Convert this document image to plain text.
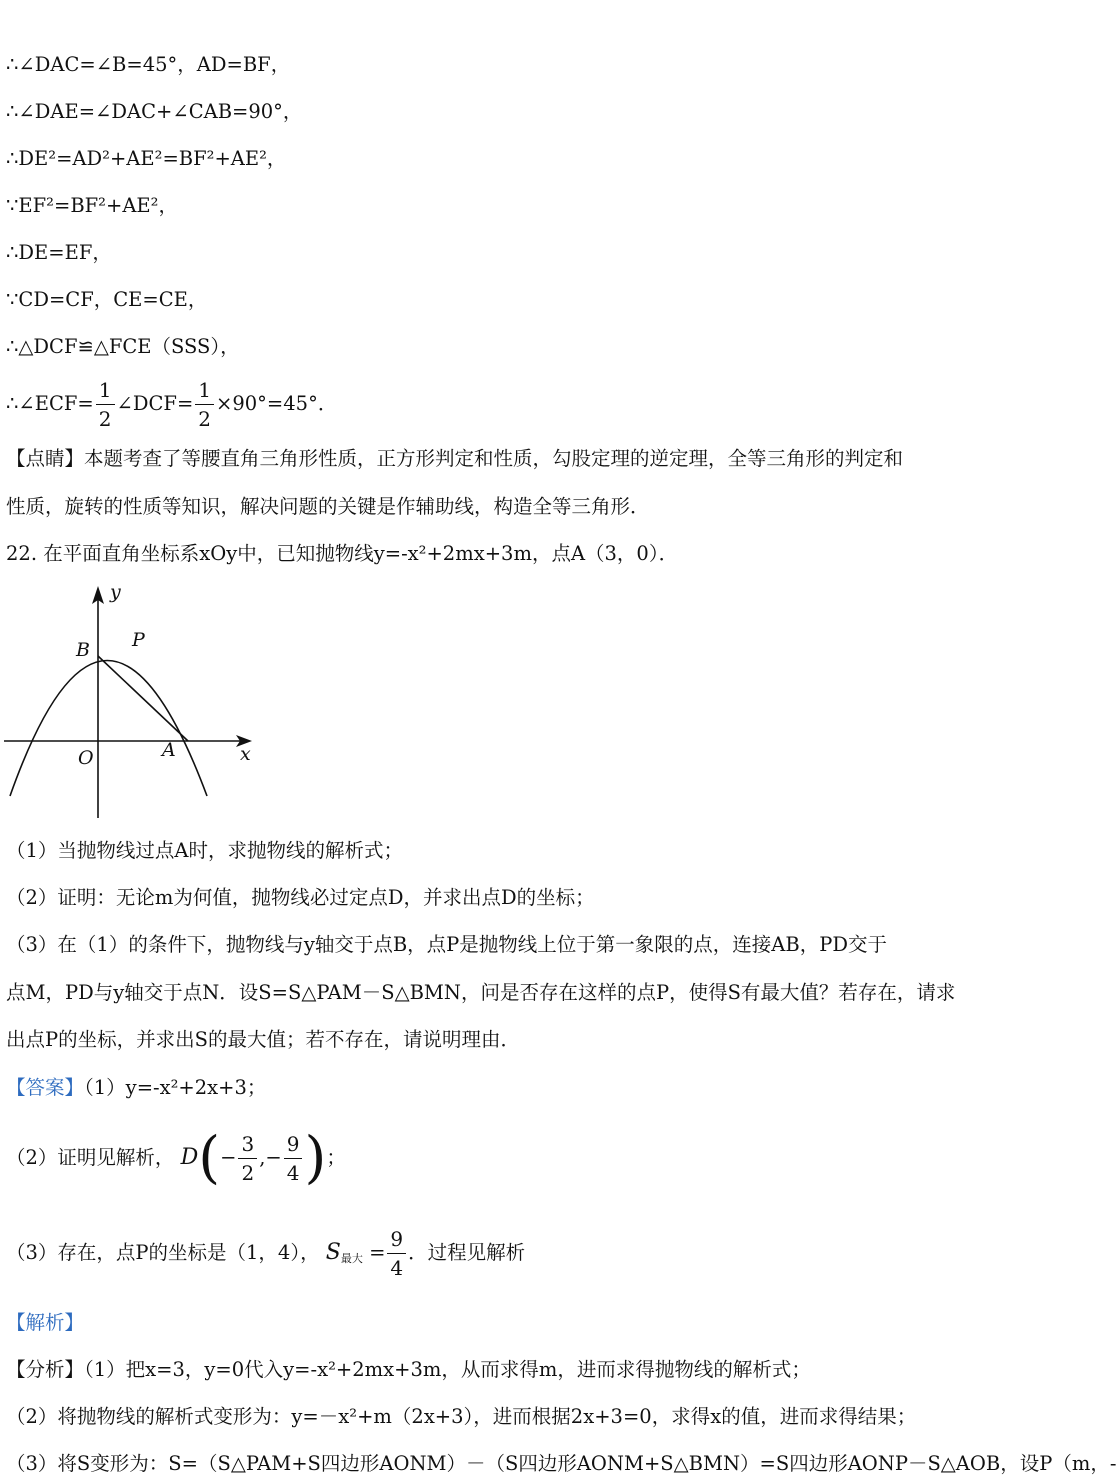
∴∠DAC=∠B=45°，AD=BF，
∴∠DAE=∠DAC+∠CAB=90°，
∴DE²=AD²+AE²=BF²+AE²，
∵EF²=BF²+AE²，
∴DE=EF，
∵CD=CF，CE=CE，
∴△DCF≌△FCE（SSS），
∴∠ECF= $\frac{1}{2}$ ∠DCF= $\frac{1}{2} \times 90^\circ=45^\circ$．
【点睛】本题考查了等腰直角三角形性质，正方形判定和性质，勾股定理的逆定理，全等三角形的判定和
性质，旋转的性质等知识，解决问题的关键是作辅助线，构造全等三角形．
22. 在平面直角坐标系xOy中，已知抛物线y=-x²+2mx+3m，点A（3，0）．
y
x
O	A
B P
（1）当抛物线过点A时，求抛物线的解析式；
（2）证明：无论m为何值，抛物线必过定点D，并求出点D的坐标；
（3）在（1）的条件下，抛物线与y轴交于点B，点P是抛物线上位于第一象限的点，连接AB，PD交于
点M，PD与y轴交于点N．设S=S△PAM－S△BMN，问是否存在这样的点P，使得S有最大值？若存在，请求
出点P的坐标，并求出S的最大值；若不存在，请说明理由．
【答案】（1）y=-x²+2x+3；
（2）证明见解析， $D(- \frac{3}{2}$ ,− $\frac{9}{4}$ )；
（3）存在，点P的坐标是（1，4）， $S_{最大} = \frac{9}{4}$ ．过程见解析
【解析】
【分析】（1）把x=3，y=0代入y=-x²+2mx+3m，从而求得m，进而求得抛物线的解析式；
（2）将抛物线的解析式变形为：y=－x²+m（2x+3），进而根据2x+3=0，求得x的值，进而求得结果；
（3）将S变形为：S=（S△PAM+S四边形AONM）－（S四边形AONM+S△BMN）=S四边形AONP－S△AOB，设P（m，-
